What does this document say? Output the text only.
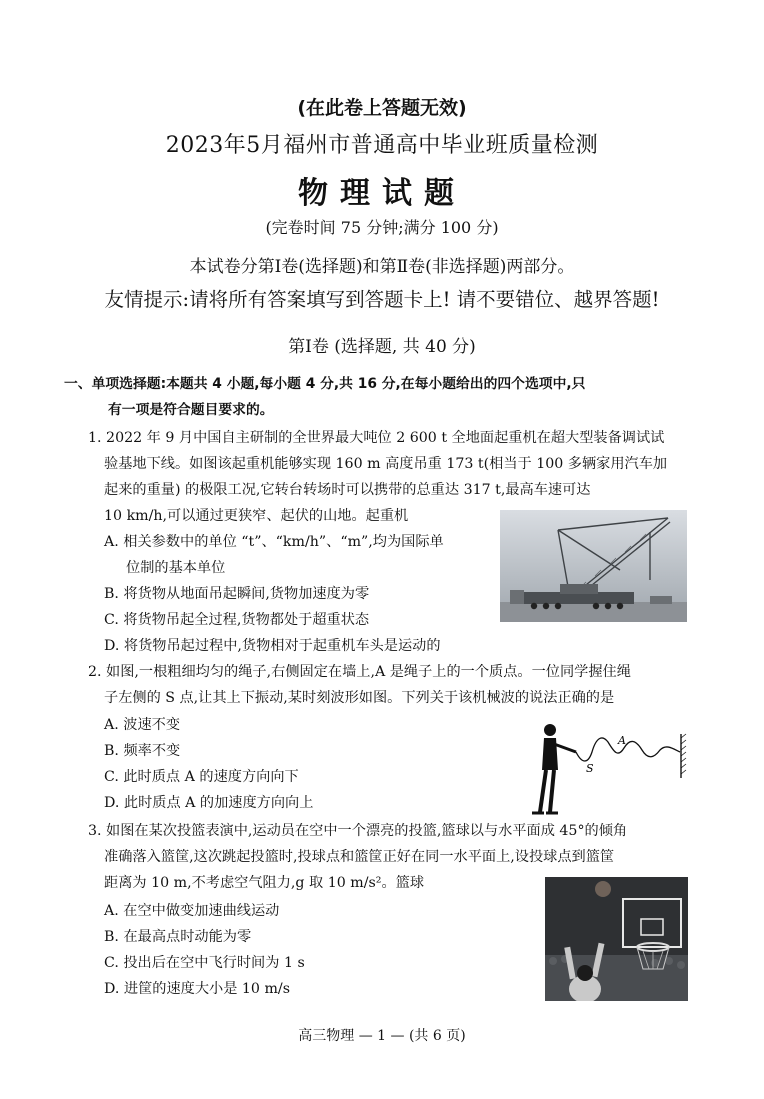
(在此卷上答题无效)
2023年5月福州市普通高中毕业班质量检测
物理试题
(完卷时间 75 分钟;满分 100 分)
本试卷分第Ⅰ卷(选择题)和第Ⅱ卷(非选择题)两部分。
友情提示:请将所有答案填写到答题卡上! 请不要错位、越界答题!
第Ⅰ卷 (选择题, 共 40 分)
一、单项选择题:本题共 4 小题,每小题 4 分,共 16 分,在每小题给出的四个选项中,只
有一项是符合题目要求的。
1. 2022 年 9 月中国自主研制的全世界最大吨位 2 600 t 全地面起重机在超大型装备调试试
验基地下线。如图该起重机能够实现 160 m 高度吊重 173 t(相当于 100 多辆家用汽车加
起来的重量) 的极限工况,它转台转场时可以携带的总重达 317 t,最高车速可达
10 km/h,可以通过更狭窄、起伏的山地。起重机
A. 相关参数中的单位 “t”、“km/h”、“m”,均为国际单
位制的基本单位
B. 将货物从地面吊起瞬间,货物加速度为零
C. 将货物吊起全过程,货物都处于超重状态
D. 将货物吊起过程中,货物相对于起重机车头是运动的
2. 如图,一根粗细均匀的绳子,右侧固定在墙上,A 是绳子上的一个质点。一位同学握住绳
子左侧的 S 点,让其上下振动,某时刻波形如图。下列关于该机械波的说法正确的是
A. 波速不变
B. 频率不变
C. 此时质点 A 的速度方向向下
D. 此时质点 A 的加速度方向向上
S
A
3. 如图在某次投篮表演中,运动员在空中一个漂亮的投篮,篮球以与水平面成 45°的倾角
准确落入篮筐,这次跳起投篮时,投球点和篮筐正好在同一水平面上,设投球点到篮筐
距离为 10 m,不考虑空气阻力,g 取 10 m/s²。篮球
A. 在空中做变加速曲线运动
B. 在最高点时动能为零
C. 投出后在空中飞行时间为 1 s
D. 进筐的速度大小是 10 m/s
高三物理 — 1 — (共 6 页)
